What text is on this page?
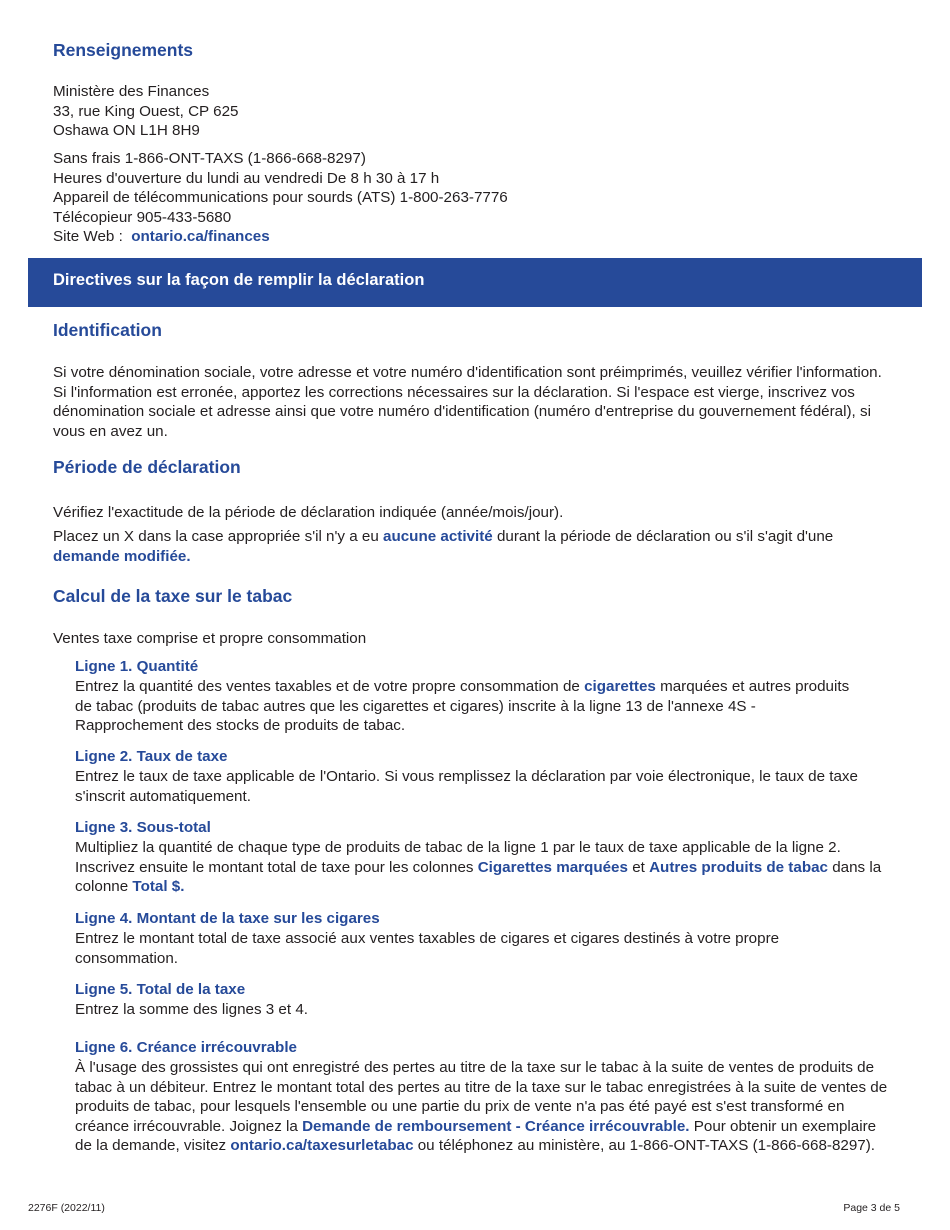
Renseignements

Ministère des Finances

33, rue King Ouest, CP 625

Oshawa ON L1H 8H9

Sans frais 1-866-ONT-TAXS (1-866-668-8297)

Heures d'ouverture du lundi au vendredi De 8 h 30 à 17 h

Appareil de télécommunications pour sourds (ATS) 1-800-263-7776

Télécopieur 905-433-5680

Site Web :  ontario.ca/finances

Directives sur la façon de remplir la déclaration
Identification
Si votre dénomination sociale, votre adresse et votre numéro d'identification sont préimprimés, veuillez vérifier l'information. Si l'information est erronée, apportez les corrections nécessaires sur la déclaration. Si l'espace est vierge, inscrivez vos dénomination sociale et adresse ainsi que votre numéro d'identification (numéro d'entreprise du gouvernement fédéral), si vous en avez un.
Période de déclaration
Vérifiez l'exactitude de la période de déclaration indiquée (année/mois/jour).
Placez un X dans la case appropriée s'il n'y a eu aucune activité durant la période de déclaration ou s'il s'agit d'une demande modifiée.
Calcul de la taxe sur le tabac
Ventes taxe comprise et propre consommation

Ligne 1. Quantité

Entrez la quantité des ventes taxables et de votre propre consommation de cigarettes marquées et autres produits de tabac (produits de tabac autres que les cigarettes et cigares) inscrite à la ligne 13 de l'annexe 4S - Rapprochement des stocks de produits de tabac.

Ligne 2. Taux de taxe

Entrez le taux de taxe applicable de l'Ontario. Si vous remplissez la déclaration par voie électronique, le taux de taxe s'inscrit automatiquement.

Ligne 3. Sous-total

Multipliez la quantité de chaque type de produits de tabac de la ligne 1 par le taux de taxe applicable de la ligne 2. Inscrivez ensuite le montant total de taxe pour les colonnes Cigarettes marquées et Autres produits de tabac dans la colonne Total $.

Ligne 4. Montant de la taxe sur les cigares

Entrez le montant total de taxe associé aux ventes taxables de cigares et cigares destinés à votre propre consommation.

Ligne 5. Total de la taxe

Entrez la somme des lignes 3 et 4.

Ligne 6. Créance irrécouvrable

À l'usage des grossistes qui ont enregistré des pertes au titre de la taxe sur le tabac à la suite de ventes de produits de tabac à un débiteur. Entrez le montant total des pertes au titre de la taxe sur le tabac enregistrées à la suite de ventes de produits de tabac, pour lesquels l'ensemble ou une partie du prix de vente n'a pas été payé est s'est transformé en créance irrécouvrable. Joignez la Demande de remboursement - Créance irrécouvrable. Pour obtenir un exemplaire de la demande, visitez ontario.ca/taxesurletabac ou téléphonez au ministère, au 1-866-ONT-TAXS (1-866-668-8297).

2276F (2022/11)	Page 3 de 5
